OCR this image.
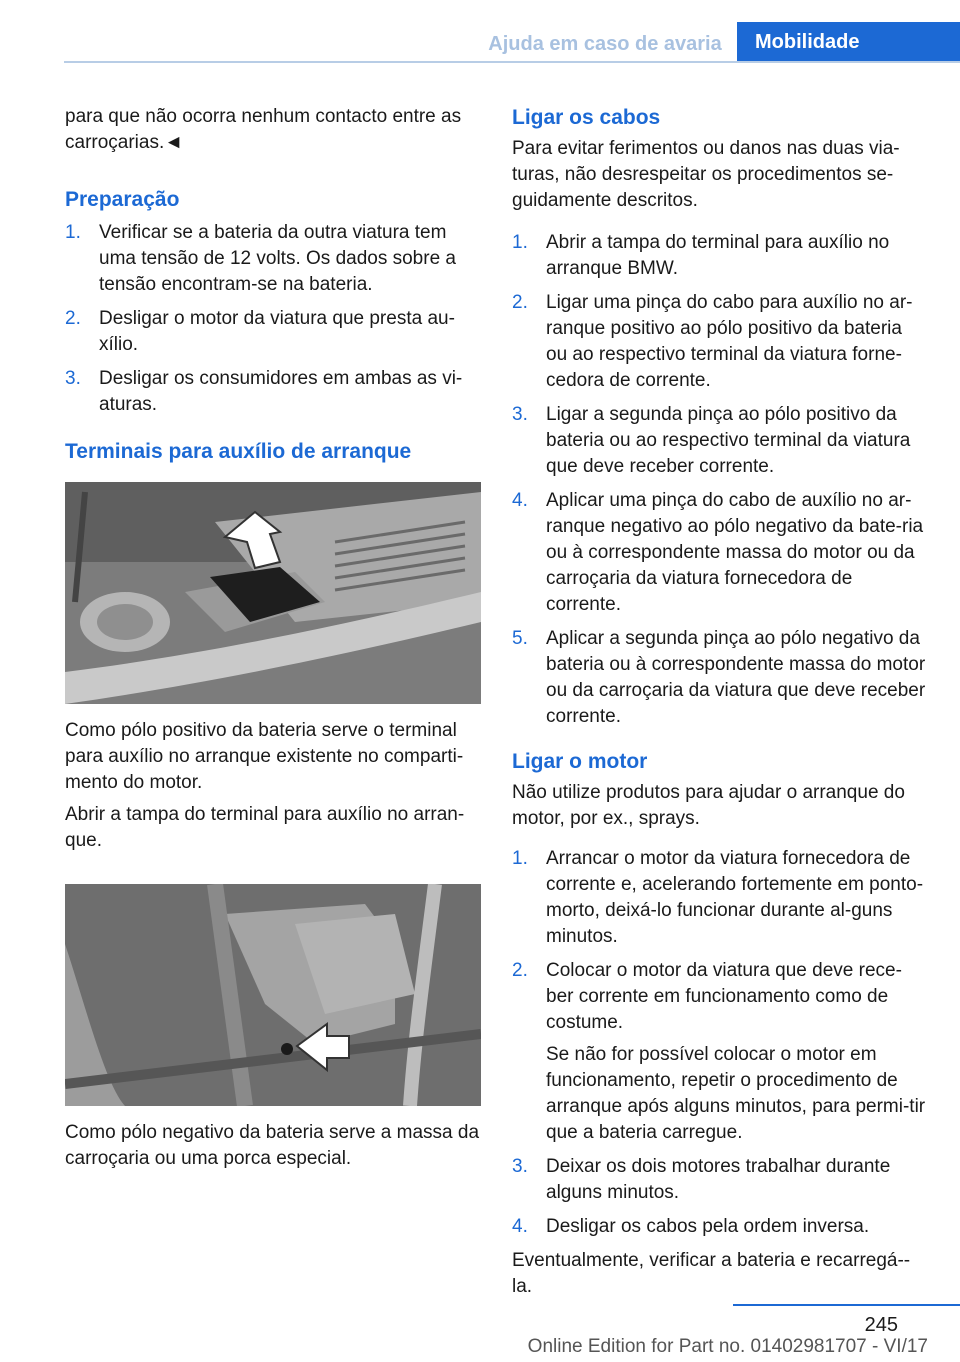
Ajuda em caso de avaria	Mobilidade

para que não ocorra nenhum contacto entre as carroçarias.◄

Preparação

1. Verificar se a bateria da outra viatura tem uma tensão de 12 volts. Os dados sobre a tensão encontram-se na bateria.
2. Desligar o motor da viatura que presta au-xílio.
3. Desligar os consumidores em ambas as vi-aturas.

Terminais para auxílio de arranque

Como pólo positivo da bateria serve o terminal para auxílio no arranque existente no comparti-mento do motor.

Abrir a tampa do terminal para auxílio no arran-que.

Como pólo negativo da bateria serve a massa da carroçaria ou uma porca especial.

Ligar os cabos

Para evitar ferimentos ou danos nas duas via-turas, não desrespeitar os procedimentos se-guidamente descritos.

1. Abrir a tampa do terminal para auxílio no arranque BMW.
2. Ligar uma pinça do cabo para auxílio no ar-ranque positivo ao pólo positivo da bateria ou ao respectivo terminal da viatura forne-cedora de corrente.
3. Ligar a segunda pinça ao pólo positivo da bateria ou ao respectivo terminal da viatura que deve receber corrente.
4. Aplicar uma pinça do cabo de auxílio no ar-ranque negativo ao pólo negativo da bate-ria ou à correspondente massa do motor ou da carroçaria da viatura fornecedora de corrente.
5. Aplicar a segunda pinça ao pólo negativo da bateria ou à correspondente massa do motor ou da carroçaria da viatura que deve receber corrente.

Ligar o motor

Não utilize produtos para ajudar o arranque do motor, por ex., sprays.

1. Arrancar o motor da viatura fornecedora de corrente e, acelerando fortemente em ponto-morto, deixá-lo funcionar durante al-guns minutos.
2. Colocar o motor da viatura que deve rece-ber corrente em funcionamento como de costume.

Se não for possível colocar o motor em funcionamento, repetir o procedimento de arranque após alguns minutos, para permi-tir que a bateria carregue.

3. Deixar os dois motores trabalhar durante alguns minutos.
4. Desligar os cabos pela ordem inversa.

Eventualmente, verificar a bateria e recarregá--la.

245
Online Edition for Part no. 01402981707 - VI/17
